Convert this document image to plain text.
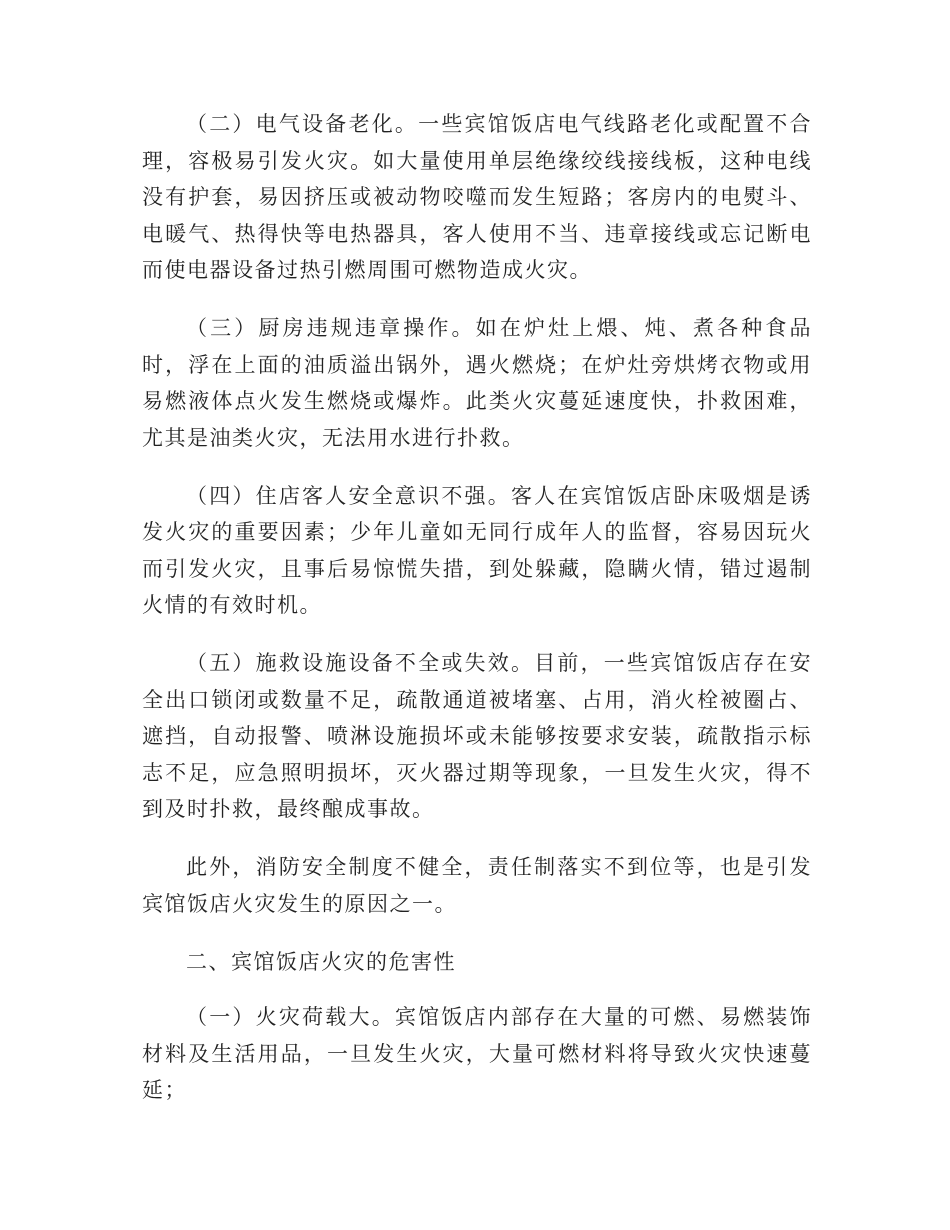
（二）电气设备老化。一些宾馆饭店电气线路老化或配置不合理，容极易引发火灾。如大量使用单层绝缘绞线接线板，这种电线没有护套，易因挤压或被动物咬噬而发生短路；客房内的电熨斗、电暖气、热得快等电热器具，客人使用不当、违章接线或忘记断电而使电器设备过热引燃周围可燃物造成火灾。

（三）厨房违规违章操作。如在炉灶上煨、炖、煮各种食品时，浮在上面的油质溢出锅外，遇火燃烧；在炉灶旁烘烤衣物或用易燃液体点火发生燃烧或爆炸。此类火灾蔓延速度快，扑救困难，尤其是油类火灾，无法用水进行扑救。

（四）住店客人安全意识不强。客人在宾馆饭店卧床吸烟是诱发火灾的重要因素；少年儿童如无同行成年人的监督，容易因玩火而引发火灾，且事后易惊慌失措，到处躲藏，隐瞒火情，错过遏制火情的有效时机。

（五）施救设施设备不全或失效。目前，一些宾馆饭店存在安全出口锁闭或数量不足，疏散通道被堵塞、占用，消火栓被圈占、遮挡，自动报警、喷淋设施损坏或未能够按要求安装，疏散指示标志不足，应急照明损坏，灭火器过期等现象，一旦发生火灾，得不到及时扑救，最终酿成事故。

此外，消防安全制度不健全，责任制落实不到位等，也是引发宾馆饭店火灾发生的原因之一。

二、宾馆饭店火灾的危害性

（一）火灾荷载大。宾馆饭店内部存在大量的可燃、易燃装饰材料及生活用品，一旦发生火灾，大量可燃材料将导致火灾快速蔓延；
